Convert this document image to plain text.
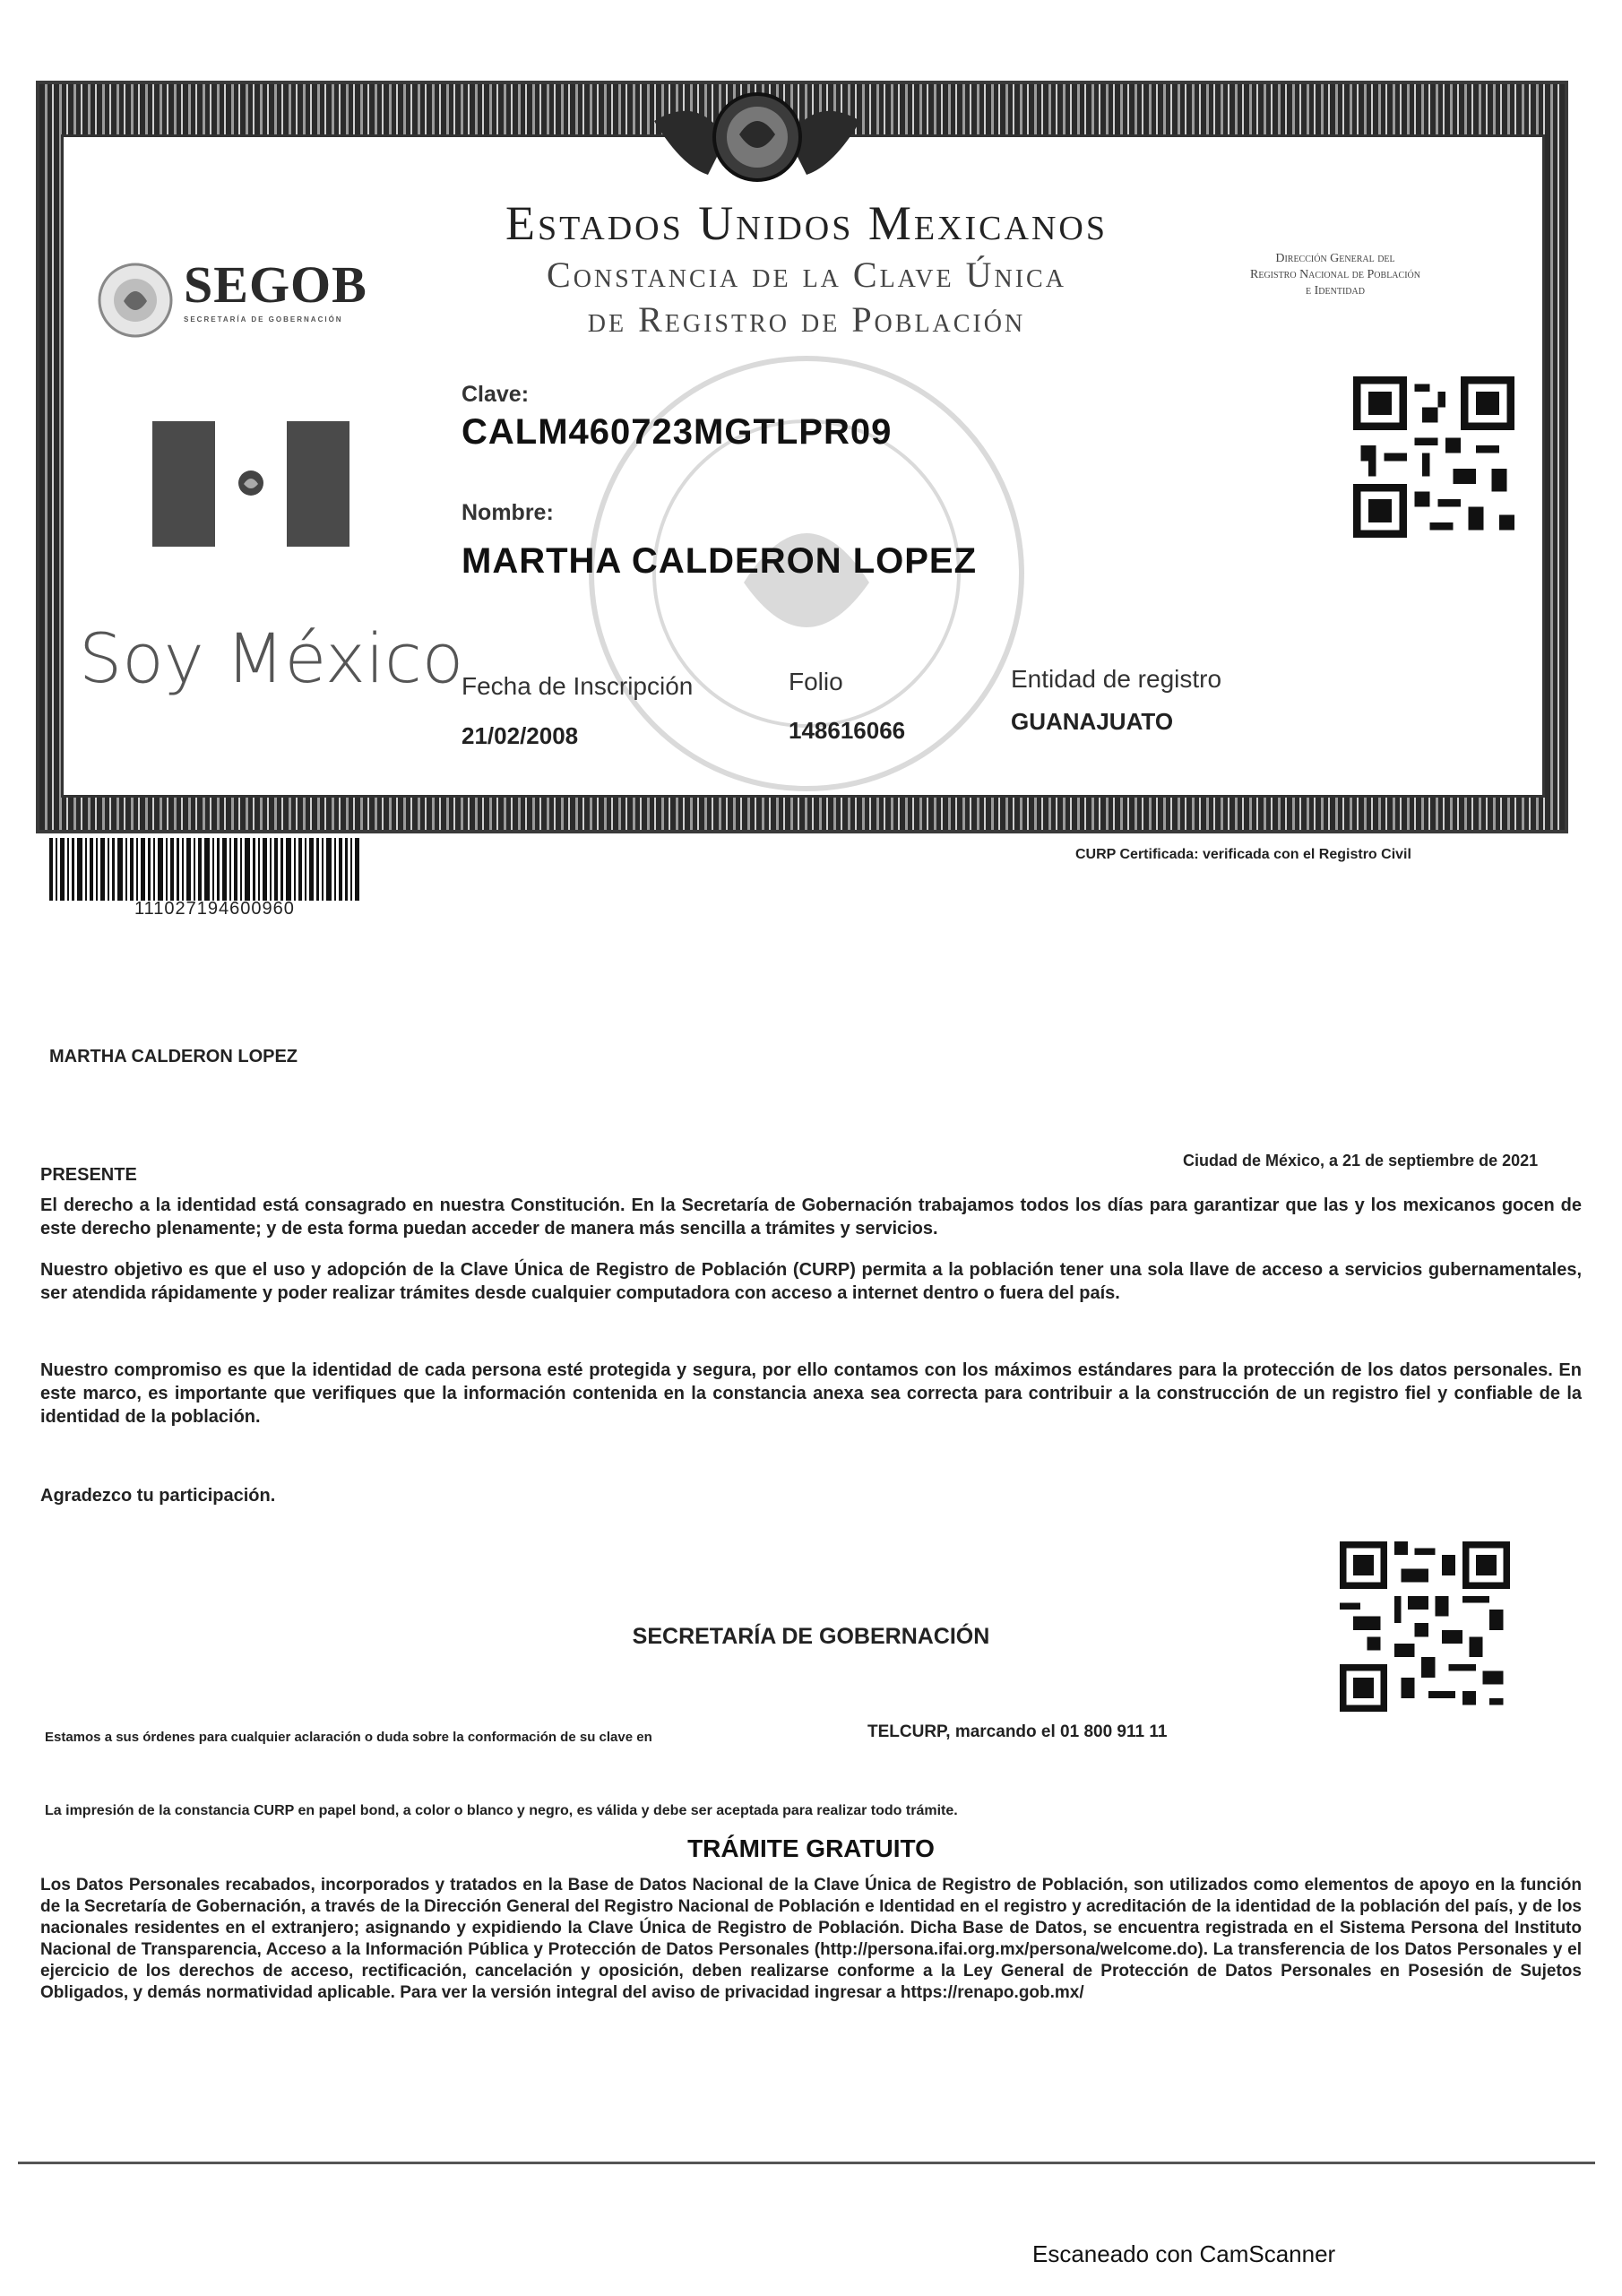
Estados Unidos Mexicanos
Constancia de la Clave Única
de Registro de Población
SEGOB
SECRETARÍA DE GOBERNACIÓN
Dirección General del
Registro Nacional de Población
e Identidad
Soy México
Clave:
CALM460723MGTLPR09
Nombre:
MARTHA CALDERON LOPEZ
Fecha de Inscripción
21/02/2008
Folio
148616066
Entidad de registro
GUANAJUATO
111027194600960
CURP Certificada: verificada con el Registro Civil
MARTHA CALDERON LOPEZ
Ciudad de México, a 21 de septiembre de 2021
PRESENTE
El derecho a la identidad está consagrado en nuestra Constitución. En la Secretaría de Gobernación trabajamos todos los días para garantizar que las y los mexicanos gocen de este derecho plenamente; y de esta forma puedan acceder de manera más sencilla a trámites y servicios.
Nuestro objetivo es que el uso y adopción de la Clave Única de Registro de Población (CURP) permita a la población tener una sola llave de acceso a servicios gubernamentales, ser atendida rápidamente y poder realizar trámites desde cualquier computadora con acceso a internet dentro o fuera del país.
Nuestro compromiso es que la identidad de cada persona esté protegida y segura, por ello contamos con los máximos estándares para la protección de los datos personales. En este marco, es importante que verifiques que la información contenida en la constancia anexa sea correcta para contribuir a la construcción de un registro fiel y confiable de la identidad de la población.
Agradezco tu participación.
SECRETARÍA DE GOBERNACIÓN
Estamos a sus órdenes para cualquier aclaración o duda sobre la conformación de su clave en	TELCURP, marcando el 01 800 911 11
La impresión de la constancia CURP en papel bond, a color o blanco y negro, es válida y debe ser aceptada para realizar todo trámite.
TRÁMITE GRATUITO
Los Datos Personales recabados, incorporados y tratados en la Base de Datos Nacional de la Clave Única de Registro de Población, son utilizados como elementos de apoyo en la función de la Secretaría de Gobernación, a través de la Dirección General del Registro Nacional de Población e Identidad en el registro y acreditación de la identidad de la población del país, y de los nacionales residentes en el extranjero; asignando y expidiendo la Clave Única de Registro de Población. Dicha Base de Datos, se encuentra registrada en el Sistema Persona del Instituto Nacional de Transparencia, Acceso a la Información Pública y Protección de Datos Personales (http://persona.ifai.org.mx/persona/welcome.do). La transferencia de los Datos Personales y el ejercicio de los derechos de acceso, rectificación, cancelación y oposición, deben realizarse conforme a la Ley General de Protección de Datos Personales en Posesión de Sujetos Obligados, y demás normatividad aplicable. Para ver la versión integral del aviso de privacidad ingresar a https://renapo.gob.mx/
Escaneado con CamScanner
